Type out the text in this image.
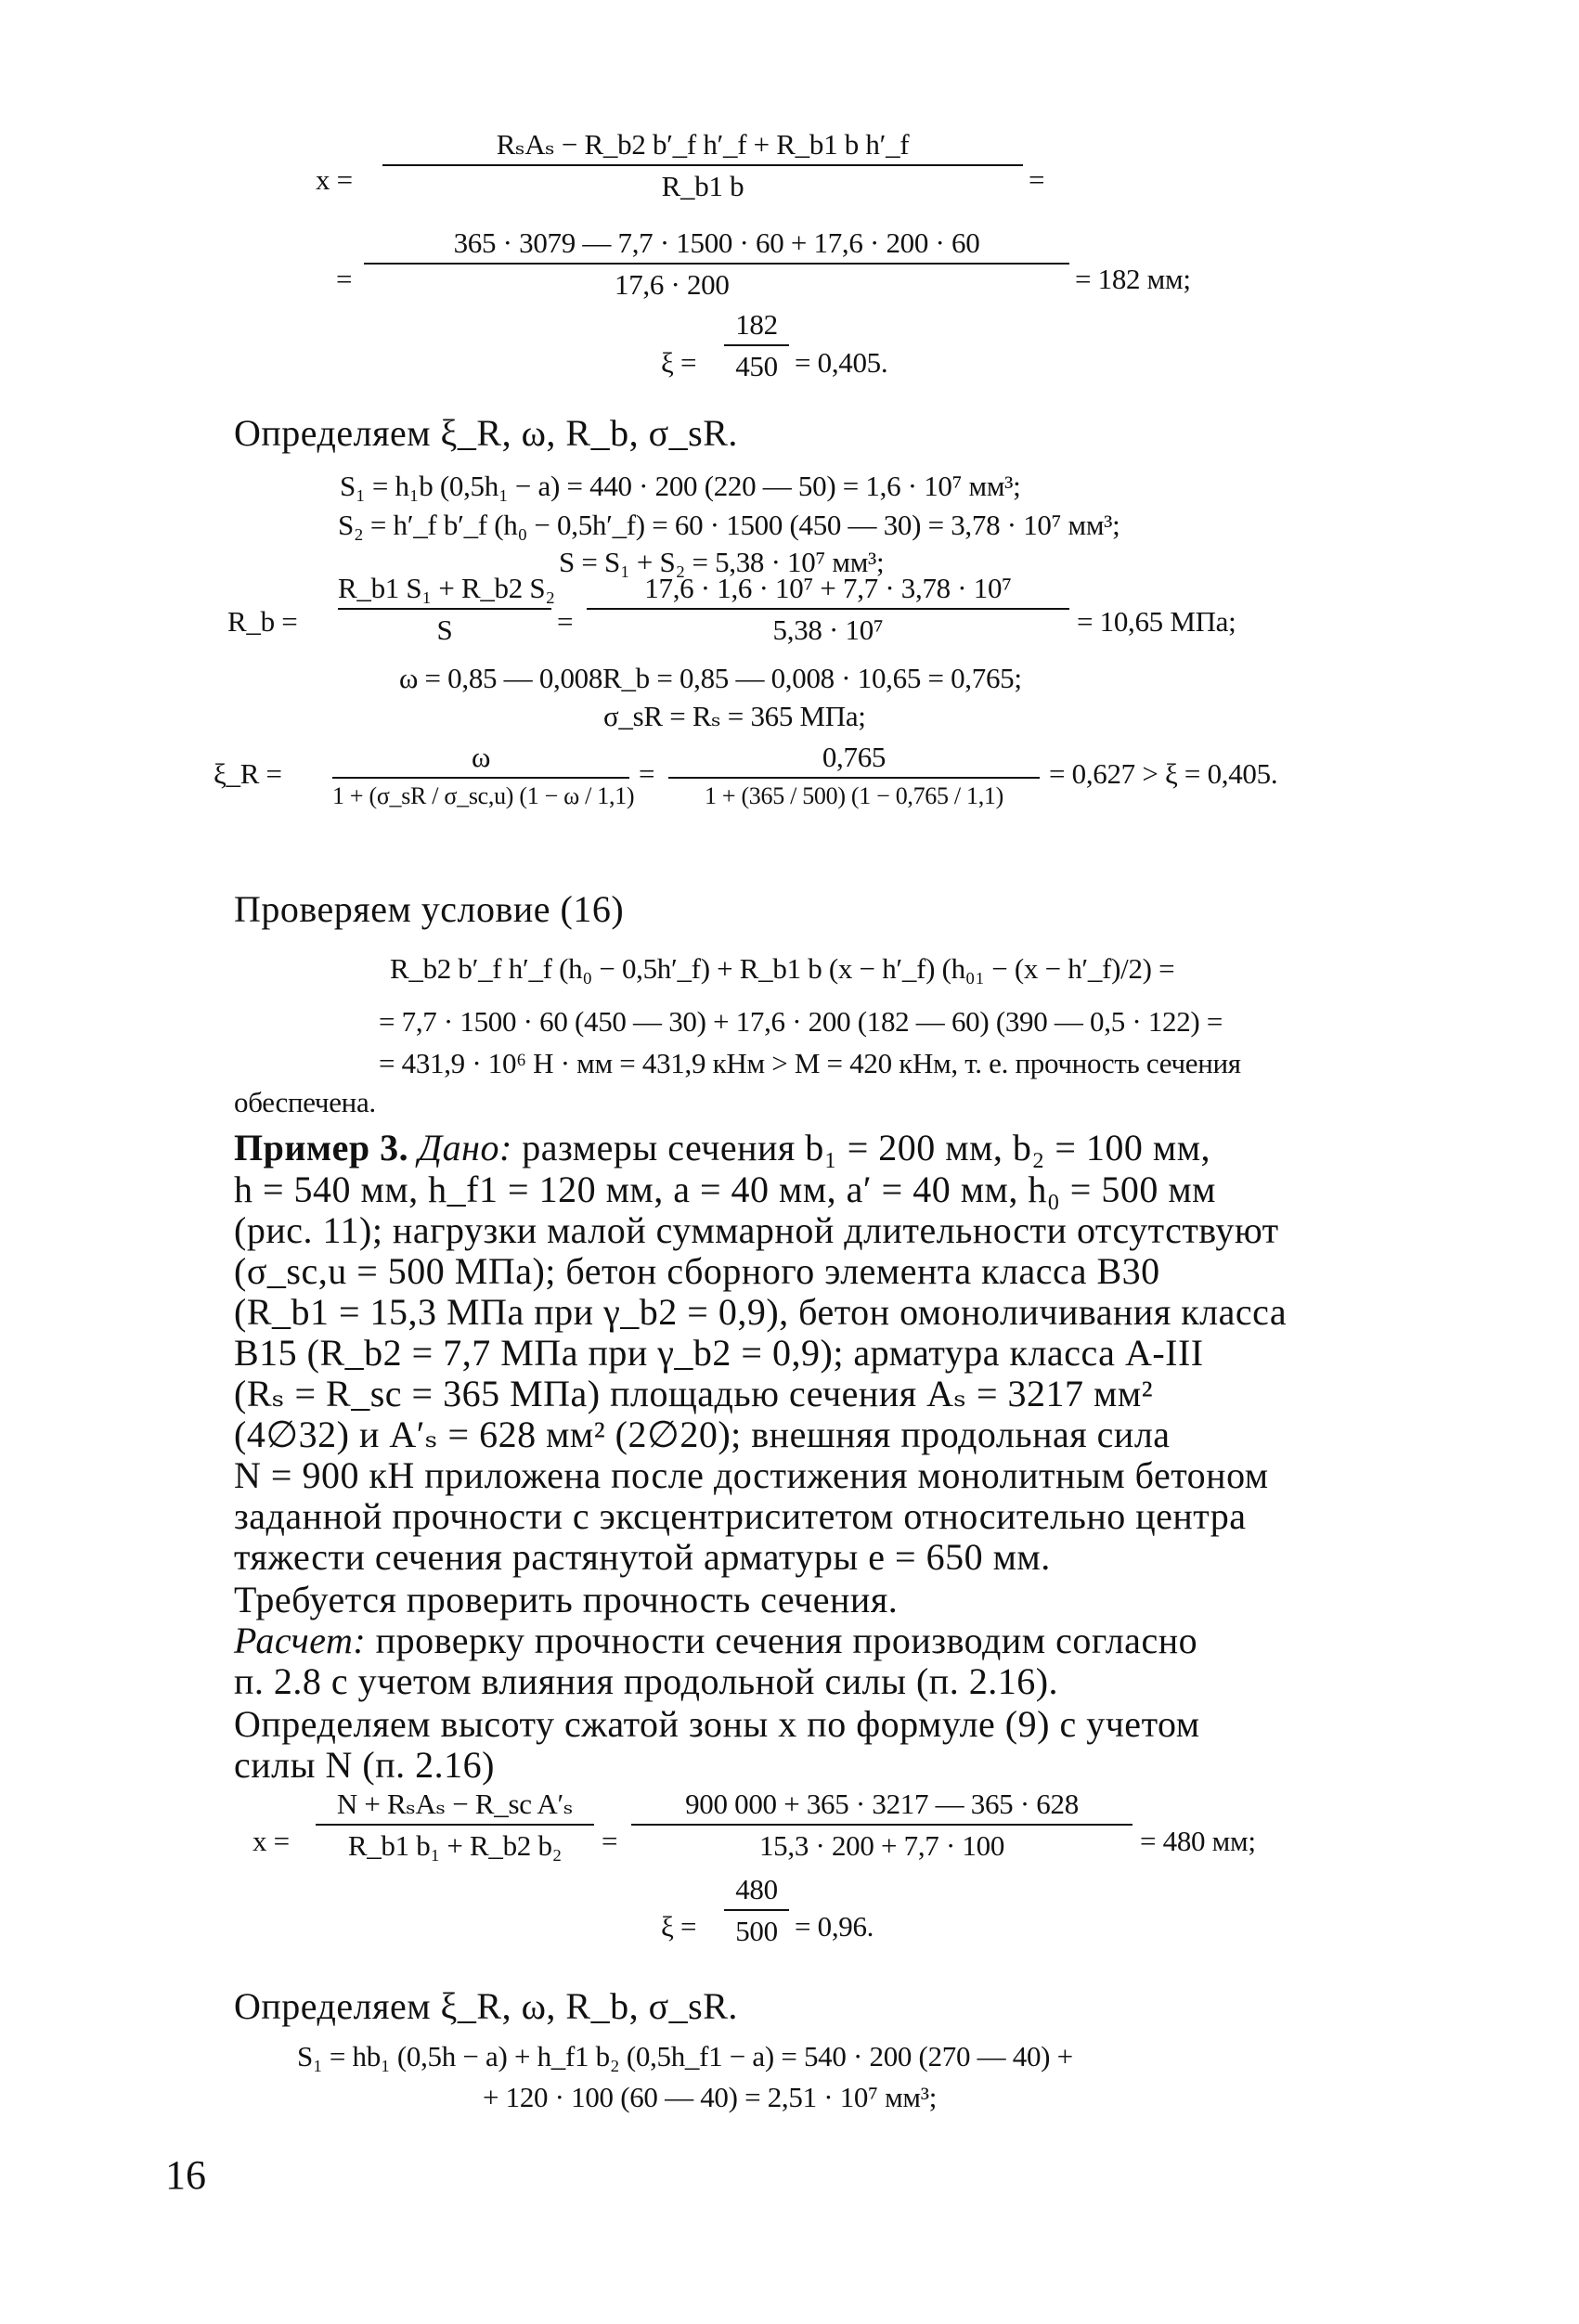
x =
RₛAₛ − R_b2 b′_f h′_f + R_b1 b h′_f
R_b1 b	=
= $\frac{365 \cdot 3079 — 7,7 \cdot 1500 \cdot 60 + 17,6 \cdot 200 \cdot 60}{17,6 \cdot 200} = 182$ мм;
$\xi = \frac{182}{450} = 0,405$.
Определяем ξ_R, ω, R_b, σ_sR.
S₁ = h₁b (0,5h₁ − a) = 440 · 200 (220 — 50) = 1,6 · 10⁷ мм³;
S₂ = h′_f b′_f (h₀ − 0,5h′_f) = 60 · 1500 (450 — 30) = 3,78 · 10⁷ мм³;
S = S₁ + S₂ = 5,38 · 10⁷ мм³;
R_b = $\frac{\text{R\_b1 S₁ + R\_b2 S₂}}{S} = \frac{\text{17,6 · 1,6 · 10⁷ + 7,7 · 3,78 · 10⁷}}{\text{5,38 · 10⁷}} = 10,65$ МПа;
ω = 0,85 — 0,008R_b = 0,85 — 0,008 · 10,65 = 0,765;
σ_sR = Rₛ = 365 МПа;
ξ_R =
ω
1 + (σ_sR / σ_sc,u) (1 − ω / 1,1)
=
0,765
1 + (365 / 500) (1 − 0,765 / 1,1)
= 0,627 > ξ = 0,405.
Проверяем условие (16)
R_b2 b′_f h′_f (h₀ − 0,5h′_f) + R_b1 b (x − h′_f) (h₀₁ − (x − h′_f)/2) =
= 7,7 · 1500 · 60 (450 — 30) + 17,6 · 200 (182 — 60) (390 — 0,5 · 122) =
= 431,9 · 10⁶ Н · мм = 431,9 кНм > M = 420 кНм, т. е. прочность сечения
обеспечена.
Пример 3. Дано: размеры сечения b₁ = 200 мм, b₂ = 100 мм,
h = 540 мм, h_f1 = 120 мм, a = 40 мм, a′ = 40 мм, h₀ = 500 мм
(рис. 11); нагрузки малой суммарной длительности отсутствуют
(σ_sc,u = 500 МПа); бетон сборного элемента класса В30
(R_b1 = 15,3 МПа при γ_b2 = 0,9), бетон омоноличивания класса
В15 (R_b2 = 7,7 МПа при γ_b2 = 0,9); арматура класса А-III
(Rₛ = R_sc = 365 МПа) площадью сечения Aₛ = 3217 мм²
(4∅32) и A′ₛ = 628 мм² (2∅20); внешняя продольная сила
N = 900 кН приложена после достижения монолитным бетоном
заданной прочности с эксцентриситетом относительно центра
тяжести сечения растянутой арматуры e = 650 мм.
Требуется проверить прочность сечения.
Расчет: проверку прочности сечения производим согласно
п. 2.8 с учетом влияния продольной силы (п. 2.16).
Определяем высоту сжатой зоны x по формуле (9) с учетом
силы N (п. 2.16)
x =
N + RₛAₛ − R_sc A′ₛ
R_b1 b₁ + R_b2 b₂	= $\frac{900 000 + 365 \cdot 3217 — 365 \cdot 628}{15,3 \cdot 200 + 7,7 \cdot 100} = 480$ мм;
$\xi = \frac{480}{500} = 0,96$.
Определяем ξ_R, ω, R_b, σ_sR.
S₁ = hb₁ (0,5h − a) + h_f1 b₂ (0,5h_f1 − a) = 540 · 200 (270 — 40) +
+ 120 · 100 (60 — 40) = 2,51 · 10⁷ мм³;
16
